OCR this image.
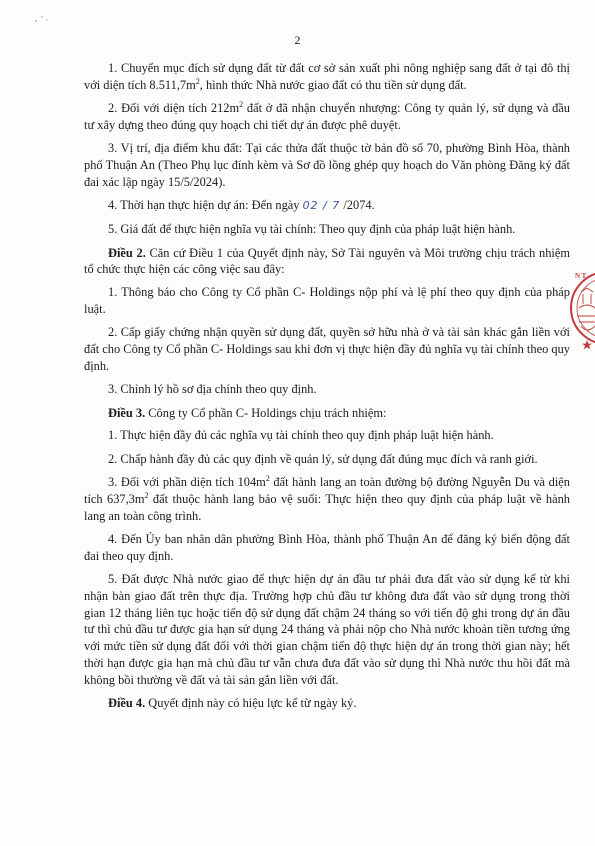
2

1. Chuyển mục đích sử dụng đất từ đất cơ sở sản xuất phi nông nghiệp sang đất ở tại đô thị với diện tích $8.511,7m^2$, hình thức Nhà nước giao đất có thu tiền sử dụng đất.

2. Đối với diện tích $212m^2$ đất ở đã nhận chuyển nhượng: Công ty quản lý, sử dụng và đầu tư xây dựng theo đúng quy hoạch chi tiết dự án được phê duyệt.

3. Vị trí, địa điểm khu đất: Tại các thửa đất thuộc tờ bản đồ số 70, phường Bình Hòa, thành phố Thuận An (Theo Phụ lục đính kèm và Sơ đồ lồng ghép quy hoạch do Văn phòng Đăng ký đất đai xác lập ngày 15/5/2024).

4. Thời hạn thực hiện dự án: Đến ngày 02 / 7 /2074.

5. Giá đất để thực hiện nghĩa vụ tài chính: Theo quy định của pháp luật hiện hành.

Điều 2. Căn cứ Điều 1 của Quyết định này, Sở Tài nguyên và Môi trường chịu trách nhiệm tổ chức thực hiện các công việc sau đây:

1. Thông báo cho Công ty Cổ phần C- Holdings nộp phí và lệ phí theo quy định của pháp luật.

2. Cấp giấy chứng nhận quyền sử dụng đất, quyền sở hữu nhà ở và tài sản khác gắn liền với đất cho Công ty Cổ phần C- Holdings sau khi đơn vị thực hiện đầy đủ nghĩa vụ tài chính theo quy định.

3. Chỉnh lý hồ sơ địa chính theo quy định.

Điều 3. Công ty Cổ phần C- Holdings chịu trách nhiệm:

1. Thực hiện đầy đủ các nghĩa vụ tài chính theo quy định pháp luật hiện hành.

2. Chấp hành đầy đủ các quy định về quản lý, sử dụng đất đúng mục đích và ranh giới.

3. Đối với phần diện tích $104m^2$ đất hành lang an toàn đường bộ đường Nguyễn Du và diện tích $637,3m^2$ đất thuộc hành lang bảo vệ suối: Thực hiện theo quy định của pháp luật về hành lang an toàn công trình.

4. Đến Ủy ban nhân dân phường Bình Hòa, thành phố Thuận An để đăng ký biến động đất đai theo quy định.

5. Đất được Nhà nước giao để thực hiện dự án đầu tư phải đưa đất vào sử dụng kể từ khi nhận bàn giao đất trên thực địa. Trường hợp chủ đầu tư không đưa đất vào sử dụng trong thời gian 12 tháng liên tục hoặc tiến độ sử dụng đất chậm 24 tháng so với tiến độ ghi trong dự án đầu tư thì chủ đầu tư được gia hạn sử dụng 24 tháng và phải nộp cho Nhà nước khoản tiền tương ứng với mức tiền sử dụng đất đối với thời gian chậm tiến độ thực hiện dự án trong thời gian này; hết thời hạn được gia hạn mà chủ đầu tư vẫn chưa đưa đất vào sử dụng thì Nhà nước thu hồi đất mà không bồi thường về đất và tài sản gắn liền với đất.

Điều 4. Quyết định này có hiệu lực kể từ ngày ký.

N T
